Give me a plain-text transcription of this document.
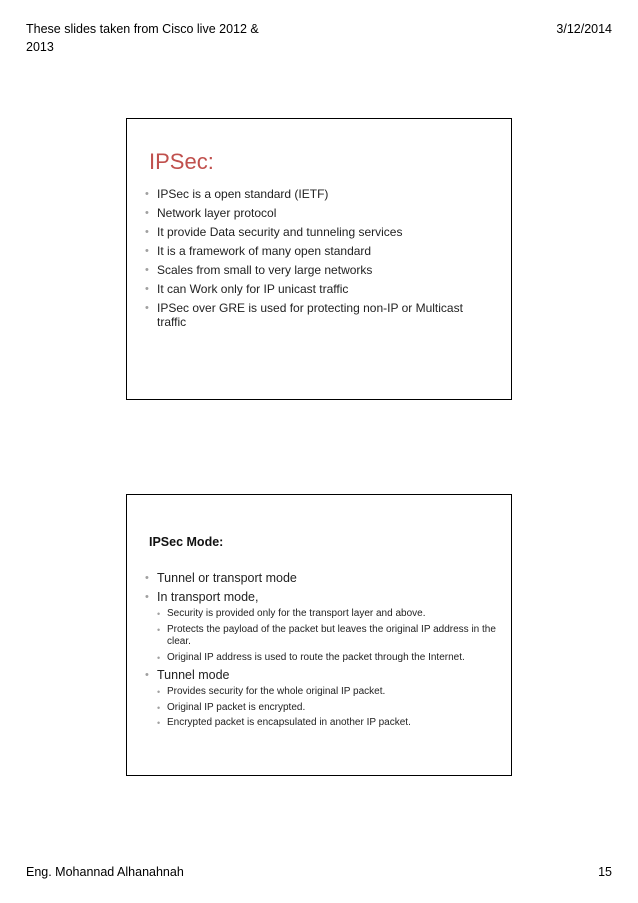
These slides taken from Cisco live 2012 & 2013
3/12/2014
IPSec:
• IPSec is a open standard (IETF)
• Network layer protocol
• It provide Data security and tunneling services
• It is a framework of many open standard
• Scales from small to very large networks
• It can Work only for IP unicast traffic
• IPSec over GRE is used for protecting non-IP or Multicast traffic
IPSec Mode:
• Tunnel or transport mode
• In transport mode,
• Security is provided only for the transport layer and above.
• Protects the payload of the packet but leaves the original IP address in the clear.
• Original IP address is used to route the packet through the Internet.
• Tunnel mode
• Provides security for the whole original IP packet.
• Original IP packet is encrypted.
• Encrypted packet is encapsulated in another IP packet.
Eng. Mohannad Alhanahnah	15
